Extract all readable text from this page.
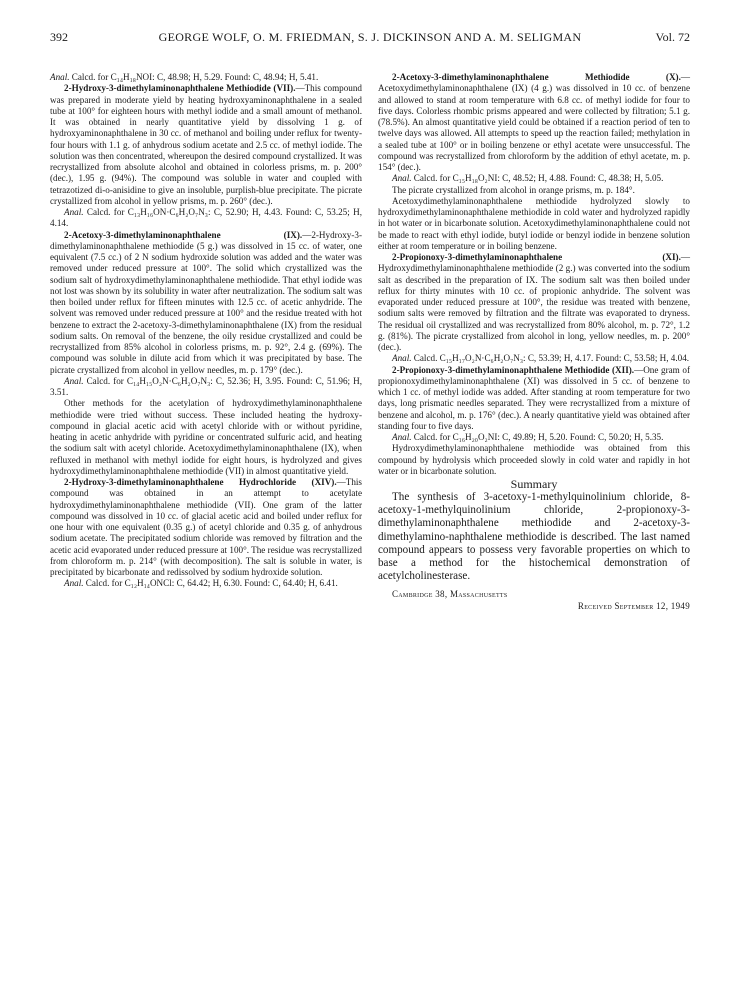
392	GEORGE WOLF, O. M. FRIEDMAN, S. J. DICKINSON AND A. M. SELIGMAN	Vol. 72

Anal. Calcd. for C₁₄H₁₈NOI: C, 48.98; H, 5.29. Found: C, 48.94; H, 5.41.

2-Hydroxy-3-dimethylaminonaphthalene Methiodide (VII).—This compound was prepared in moderate yield by heating hydroxyaminonaphthalene in a sealed tube at 100° for eighteen hours with methyl iodide and a small amount of methanol. It was obtained in nearly quantitative yield by dissolving 1 g. of hydroxyaminonaphthalene in 30 cc. of methanol and boiling under reflux for twenty-four hours with 1.1 g. of anhydrous sodium acetate and 2.5 cc. of methyl iodide. The solution was then concentrated, whereupon the desired compound crystallized. It was recrystallized from absolute alcohol and obtained in colorless prisms, m. p. 200° (dec.), 1.95 g. (94%). The compound was soluble in water and coupled with tetrazotized di-o-anisidine to give an insoluble, purplish-blue precipitate. The picrate crystallized from alcohol in yellow prisms, m. p. 260° (dec.).

Anal. Calcd. for C₁₃H₁₆ON·C₆H₂O₇N₃: C, 52.90; H, 4.43. Found: C, 53.25; H, 4.14.

2-Acetoxy-3-dimethylaminonaphthalene (IX).—2-Hydroxy-3-dimethylaminonaphthalene methiodide (5 g.) was dissolved in 15 cc. of water, one equivalent (7.5 cc.) of 2 N sodium hydroxide solution was added and the water was removed under reduced pressure at 100°. The solid which crystallized was the sodium salt of hydroxydimethylaminonaphthalene methiodide. That ethyl iodide was not lost was shown by its solubility in water after neutralization. The sodium salt was then boiled under reflux for fifteen minutes with 12.5 cc. of acetic anhydride. The solvent was removed under reduced pressure at 100° and the residue treated with hot benzene to extract the 2-acetoxy-3-dimethylaminonaphthalene (IX) from the residual sodium salts. On removal of the benzene, the oily residue crystallized and could be recrystallized from 85% alcohol in colorless prisms, m. p. 92°, 2.4 g. (69%). The compound was soluble in dilute acid from which it was precipitated by base. The picrate crystallized from alcohol in yellow needles, m. p. 179° (dec.).

Anal. Calcd. for C₁₄H₁₅O₂N·C₆H₂O₇N₃: C, 52.36; H, 3.95. Found: C, 51.96; H, 3.51.

Other methods for the acetylation of hydroxydimethylaminonaphthalene methiodide were tried without success. These included heating the hydroxy-compound in glacial acetic acid with acetyl chloride with or without pyridine, heating in acetic anhydride with pyridine or concentrated sulfuric acid, and heating the sodium salt with acetyl chloride. Acetoxydimethylaminonaphthalene (IX), when refluxed in methanol with methyl iodide for eight hours, is hydrolyzed and gives hydroxydimethylaminonaphthalene methiodide (VII) in almost quantitative yield.

2-Hydroxy-3-dimethylaminonaphthalene Hydrochloride (XIV).—This compound was obtained in an attempt to acetylate hydroxydimethylaminonaphthalene methiodide (VII). One gram of the latter compound was dissolved in 10 cc. of glacial acetic acid and boiled under reflux for one hour with one equivalent (0.35 g.) of acetyl chloride and 0.35 g. of anhydrous sodium acetate. The precipitated sodium chloride was removed by filtration and the acetic acid evaporated under reduced pressure at 100°. The residue was recrystallized from chloroform m. p. 214° (with decomposition). The salt is soluble in water, is precipitated by bicarbonate and redissolved by sodium hydroxide solution.

Anal. Calcd. for C₁₂H₁₄ONCl: C, 64.42; H, 6.30. Found: C, 64.40; H, 6.41.

2-Acetoxy-3-dimethylaminonaphthalene Methiodide (X).—Acetoxydimethylaminonaphthalene (IX) (4 g.) was dissolved in 10 cc. of benzene and allowed to stand at room temperature with 6.8 cc. of methyl iodide for four to five days. Colorless rhombic prisms appeared and were collected by filtration; 5.1 g. (78.5%). An almost quantitative yield could be obtained if a reaction period of ten to twelve days was allowed. All attempts to speed up the reaction failed; methylation in a sealed tube at 100° or in boiling benzene or ethyl acetate were unsuccessful. The compound was recrystallized from chloroform by the addition of ethyl acetate, m. p. 154° (dec.).

Anal. Calcd. for C₁₅H₁₈O₂NI: C, 48.52; H, 4.88. Found: C, 48.38; H, 5.05.

The picrate crystallized from alcohol in orange prisms, m. p. 184°.

Acetoxydimethylaminonaphthalene methiodide hydrolyzed slowly to hydroxydimethylaminonaphthalene methiodide in cold water and hydrolyzed rapidly in hot water or in bicarbonate solution. Acetoxydimethylaminonaphthalene could not be made to react with ethyl iodide, butyl iodide or benzyl iodide in benzene solution either at room temperature or in boiling benzene.

2-Propionoxy-3-dimethylaminonaphthalene (XI).—Hydroxydimethylaminonaphthalene methiodide (2 g.) was converted into the sodium salt as described in the preparation of IX. The sodium salt was then boiled under reflux for thirty minutes with 10 cc. of propionic anhydride. The solvent was evaporated under reduced pressure at 100°, the residue was treated with benzene, sodium salts were removed by filtration and the filtrate was evaporated to dryness. The residual oil crystallized and was recrystallized from 80% alcohol, m. p. 72°, 1.2 g. (81%). The picrate crystallized from alcohol in long, yellow needles, m. p. 200° (dec.).

Anal. Calcd. C₁₅H₁₇O₂N·C₆H₂O₇N₃: C, 53.39; H, 4.17. Found: C, 53.58; H, 4.04.

2-Propionoxy-3-dimethylaminonaphthalene Methiodide (XII).—One gram of propionoxydimethylaminonaphthalene (XI) was dissolved in 5 cc. of benzene to which 1 cc. of methyl iodide was added. After standing at room temperature for two days, long prismatic needles separated. They were recrystallized from a mixture of benzene and alcohol, m. p. 176° (dec.). A nearly quantitative yield was obtained after standing four to five days.

Anal. Calcd. for C₁₆H₂₀O₂NI: C, 49.89; H, 5.20. Found: C, 50.20; H, 5.35.

Hydroxydimethylaminonaphthalene methiodide was obtained from this compound by hydrolysis which proceeded slowly in cold water and rapidly in hot water or in bicarbonate solution.

Summary

The synthesis of 3-acetoxy-1-methylquinolinium chloride, 8-acetoxy-1-methylquinolinium chloride, 2-propionoxy-3-dimethylaminonaphthalene methiodide and 2-acetoxy-3-dimethylamino-naphthalene methiodide is described. The last named compound appears to possess very favorable properties on which to base a method for the histochemical demonstration of acetylcholinesterase.

Cambridge 38, Massachusetts

Received September 12, 1949
